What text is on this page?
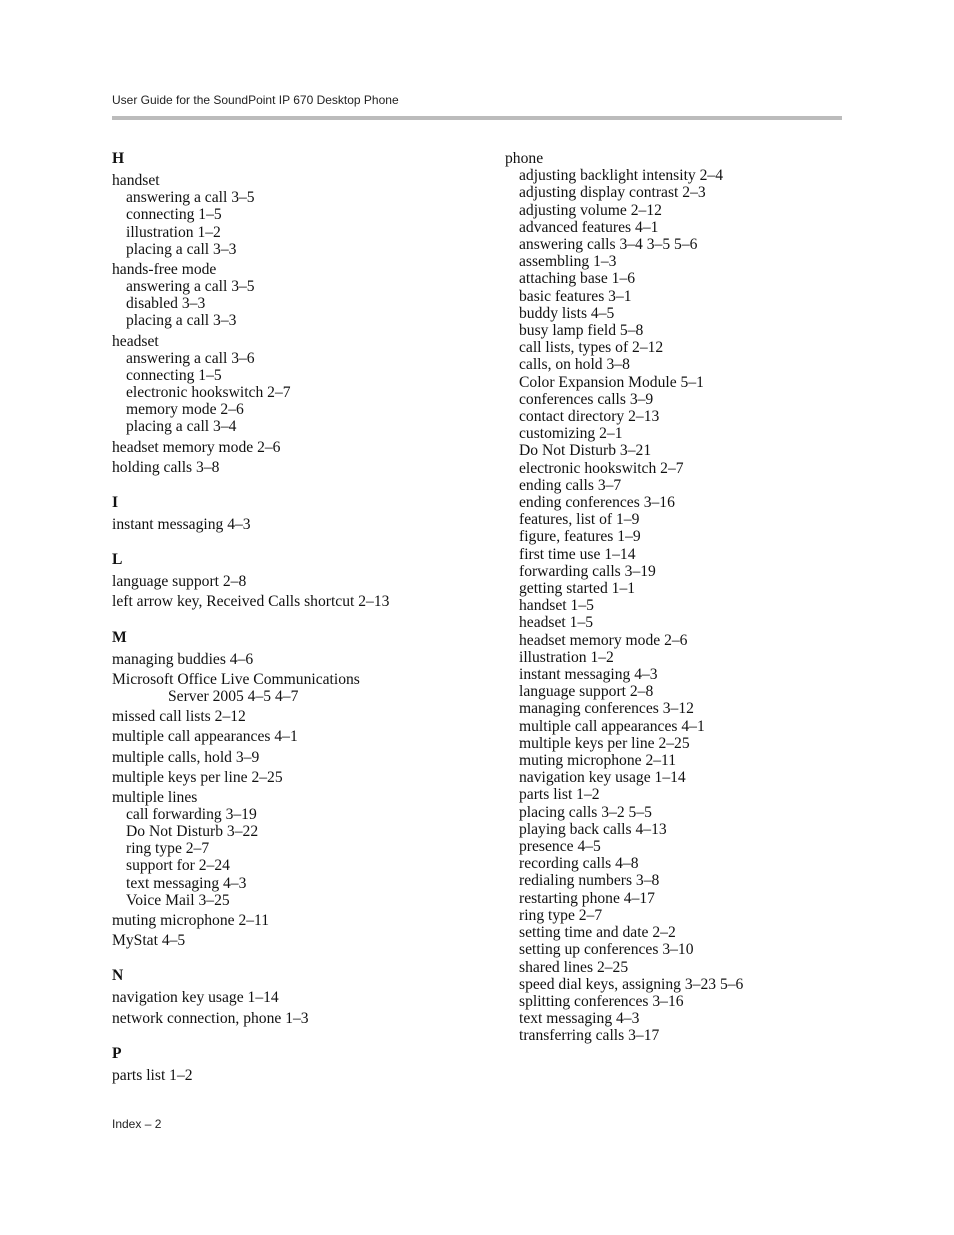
User Guide for the SoundPoint IP 670 Desktop Phone
H
handset
answering a call 3–5
connecting 1–5
illustration 1–2
placing a call 3–3
hands-free mode
answering a call 3–5
disabled 3–3
placing a call 3–3
headset
answering a call 3–6
connecting 1–5
electronic hookswitch 2–7
memory mode 2–6
placing a call 3–4
headset memory mode 2–6
holding calls 3–8
I
instant messaging 4–3
L
language support 2–8
left arrow key, Received Calls shortcut 2–13
M
managing buddies 4–6
Microsoft Office Live Communications
Server 2005 4–5 4–7
missed call lists 2–12
multiple call appearances 4–1
multiple calls, hold 3–9
multiple keys per line 2–25
multiple lines
call forwarding 3–19
Do Not Disturb 3–22
ring type 2–7
support for 2–24
text messaging 4–3
Voice Mail 3–25
muting microphone 2–11
MyStat 4–5
N
navigation key usage 1–14
network connection, phone 1–3
P
parts list 1–2
phone
adjusting backlight intensity 2–4
adjusting display contrast 2–3
adjusting volume 2–12
advanced features 4–1
answering calls 3–4 3–5 5–6
assembling 1–3
attaching base 1–6
basic features 3–1
buddy lists 4–5
busy lamp field 5–8
call lists, types of 2–12
calls, on hold 3–8
Color Expansion Module 5–1
conferences calls 3–9
contact directory 2–13
customizing 2–1
Do Not Disturb 3–21
electronic hookswitch 2–7
ending calls 3–7
ending conferences 3–16
features, list of 1–9
figure, features 1–9
first time use 1–14
forwarding calls 3–19
getting started 1–1
handset 1–5
headset 1–5
headset memory mode 2–6
illustration 1–2
instant messaging 4–3
language support 2–8
managing conferences 3–12
multiple call appearances 4–1
multiple keys per line 2–25
muting microphone 2–11
navigation key usage 1–14
parts list 1–2
placing calls 3–2 5–5
playing back calls 4–13
presence 4–5
recording calls 4–8
redialing numbers 3–8
restarting phone 4–17
ring type 2–7
setting time and date 2–2
setting up conferences 3–10
shared lines 2–25
speed dial keys, assigning 3–23 5–6
splitting conferences 3–16
text messaging 4–3
transferring calls 3–17
Index – 2
